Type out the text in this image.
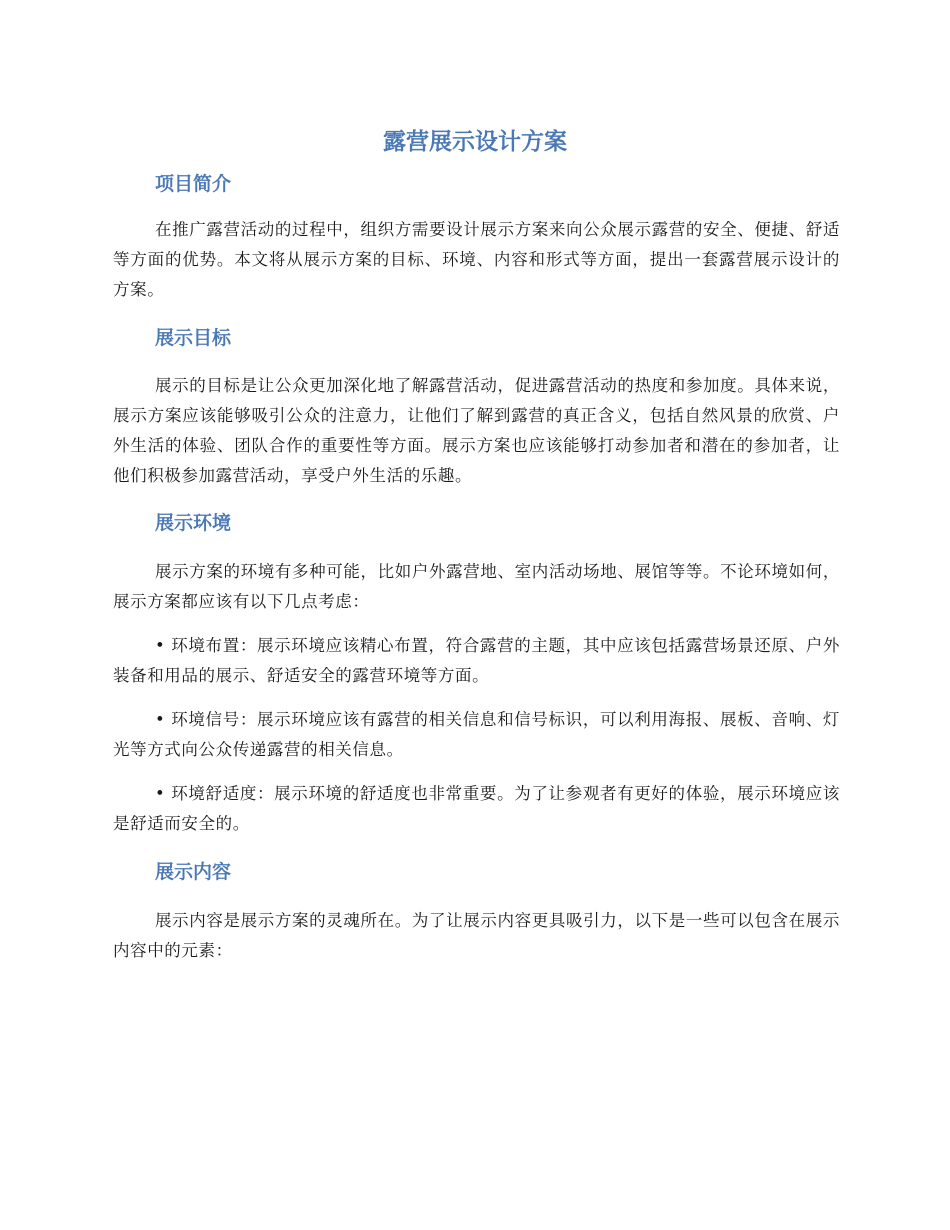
露营展示设计方案
项目简介

在推广露营活动的过程中，组织方需要设计展示方案来向公众展示露营的安全、便捷、舒适等方面的优势。本文将从展示方案的目标、环境、内容和形式等方面，提出一套露营展示设计的方案。

展示目标

展示的目标是让公众更加深化地了解露营活动，促进露营活动的热度和参加度。具体来说，展示方案应该能够吸引公众的注意力，让他们了解到露营的真正含义，包括自然风景的欣赏、户外生活的体验、团队合作的重要性等方面。展示方案也应该能够打动参加者和潜在的参加者，让他们积极参加露营活动，享受户外生活的乐趣。

展示环境

展示方案的环境有多种可能，比如户外露营地、室内活动场地、展馆等等。不论环境如何，展示方案都应该有以下几点考虑：

• 环境布置：展示环境应该精心布置，符合露营的主题，其中应该包括露营场景还原、户外装备和用品的展示、舒适安全的露营环境等方面。

• 环境信号：展示环境应该有露营的相关信息和信号标识，可以利用海报、展板、音响、灯光等方式向公众传递露营的相关信息。

• 环境舒适度：展示环境的舒适度也非常重要。为了让参观者有更好的体验，展示环境应该是舒适而安全的。

展示内容

展示内容是展示方案的灵魂所在。为了让展示内容更具吸引力，以下是一些可以包含在展示内容中的元素：
